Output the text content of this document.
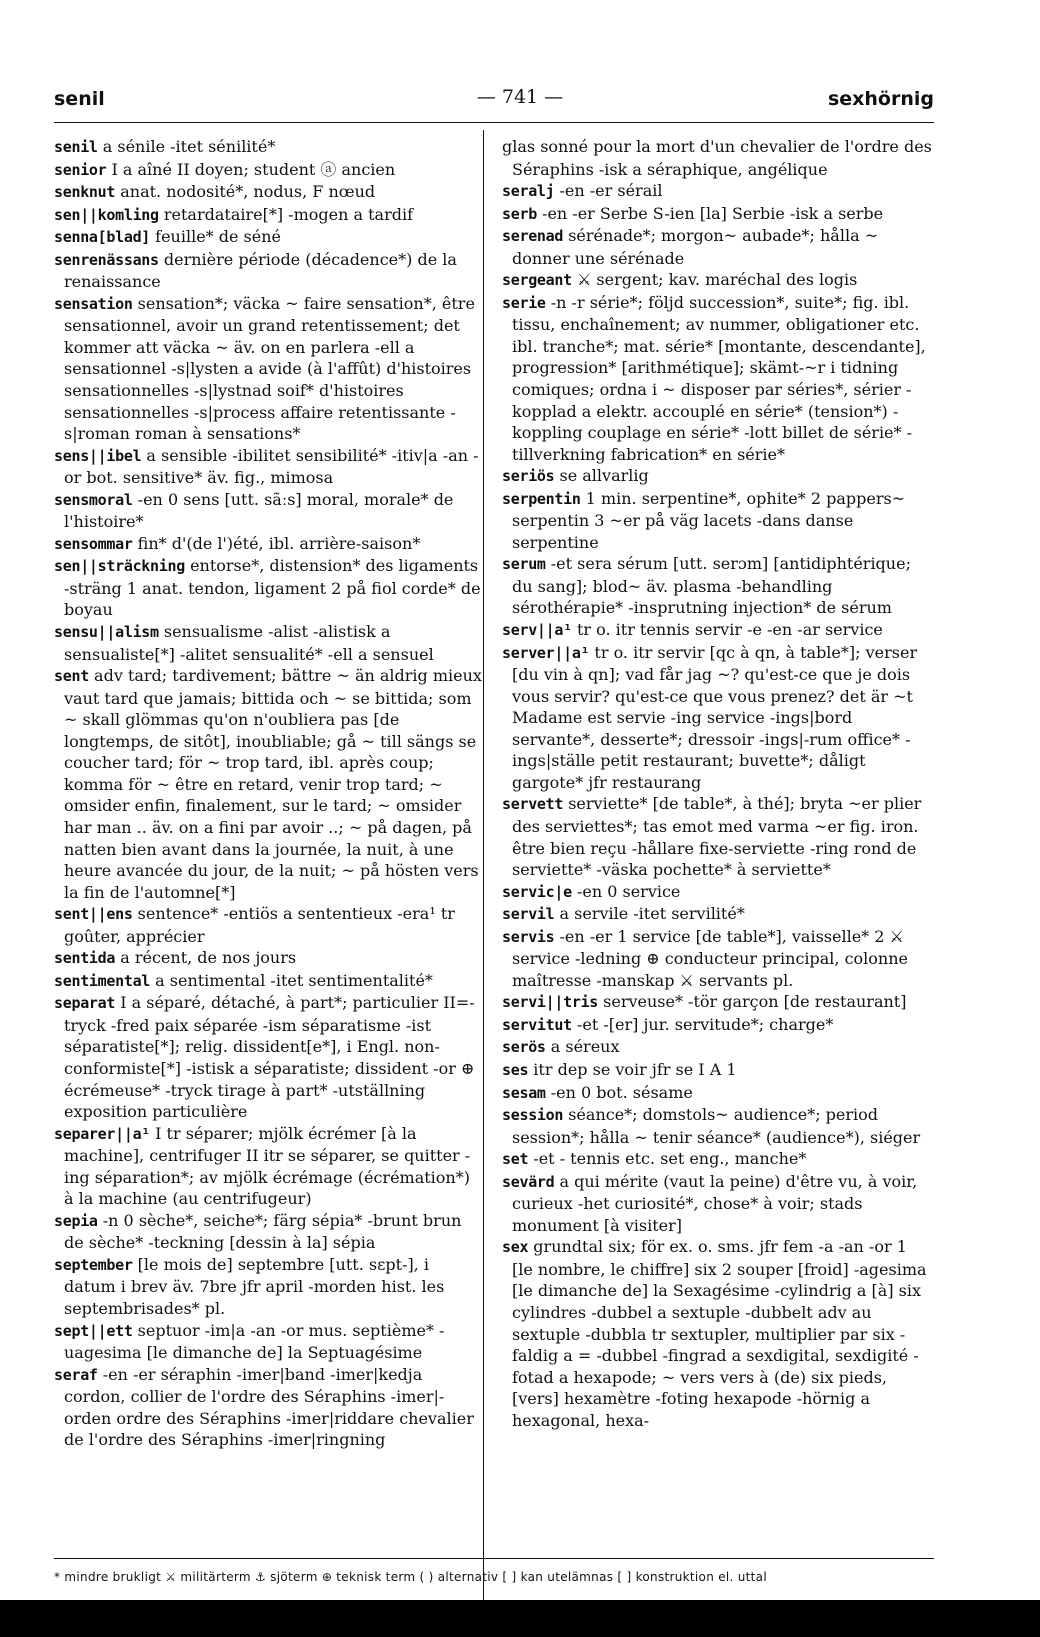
senil	— 741 —	sexhörnig

senil a sénile -itet sénilité*

senior I a aîné II doyen; student ⓐ ancien

senknut anat. nodosité*, nodus, F nœud

sen||komling retardataire[*] -mogen a tardif

senna[blad] feuille* de séné

senrenässans dernière période (décadence*) de la renaissance

sensation sensation*; väcka ~ faire sensation*, être sensationnel, avoir un grand retentissement; det kommer att väcka ~ äv. on en parlera -ell a sensationnel -s|lysten a avide (à l'affût) d'histoires sensationnelles -s|lystnad soif* d'histoires sensationnelles -s|process affaire retentissante -s|roman roman à sensations*

sens||ibel a sensible -ibilitet sensibilité* -itiv|a -an -or bot. sensitive* äv. fig., mimosa

sensmoral -en 0 sens [utt. sãːs] moral, morale* de l'histoire*

sensommar fin* d'(de l')été, ibl. arrière-saison*

sen||sträckning entorse*, distension* des ligaments -sträng 1 anat. tendon, ligament 2 på fiol corde* de boyau

sensu||alism sensualisme -alist -alistisk a sensualiste[*] -alitet sensualité* -ell a sensuel

sent adv tard; tardivement; bättre ~ än aldrig mieux vaut tard que jamais; bittida och ~ se bittida; som ~ skall glömmas qu'on n'oubliera pas [de longtemps, de sitôt], inoubliable; gå ~ till sängs se coucher tard; för ~ trop tard, ibl. après coup; komma för ~ être en retard, venir trop tard; ~ omsider enfin, finalement, sur le tard; ~ omsider har man .. äv. on a fini par avoir ..; ~ på dagen, på natten bien avant dans la journée, la nuit, à une heure avancée du jour, de la nuit; ~ på hösten vers la fin de l'automne[*]

sent||ens sentence* -entiös a sententieux -era¹ tr goûter, apprécier

sentida a récent, de nos jours

sentimental a sentimental -itet sentimentalité*

separat I a séparé, détaché, à part*; particulier II=-tryck -fred paix séparée -ism séparatisme -ist séparatiste[*]; relig. dissident[e*], i Engl. non-conformiste[*] -istisk a séparatiste; dissident -or ⊕ écrémeuse* -tryck tirage à part* -utställning exposition particulière

separer||a¹ I tr séparer; mjölk écrémer [à la machine], centrifuger II itr se séparer, se quitter -ing séparation*; av mjölk écrémage (écrémation*) à la machine (au centrifugeur)

sepia -n 0 sèche*, seiche*; färg sépia* -brunt brun de sèche* -teckning [dessin à la] sépia

september [le mois de] septembre [utt. sɛpt-], i datum i brev äv. 7bre jfr april -morden hist. les septembrisades* pl.

sept||ett septuor -im|a -an -or mus. septième* -uagesima [le dimanche de] la Septuagésime

seraf -en -er séraphin -imer|band -imer|kedja cordon, collier de l'ordre des Séraphins -imer|-orden ordre des Séraphins -imer|riddare chevalier de l'ordre des Séraphins -imer|ringning

glas sonné pour la mort d'un chevalier de l'ordre des Séraphins -isk a séraphique, angélique

seralj -en -er sérail

serb -en -er Serbe S-ien [la] Serbie -isk a serbe

serenad sérénade*; morgon~ aubade*; hålla ~ donner une sérénade

sergeant ⚔ sergent; kav. maréchal des logis

serie -n -r série*; följd succession*, suite*; fig. ibl. tissu, enchaînement; av nummer, obligationer etc. ibl. tranche*; mat. série* [montante, descendante], progression* [arithmétique]; skämt-~r i tidning comiques; ordna i ~ disposer par séries*, sérier -kopplad a elektr. accouplé en série* (tension*) -koppling couplage en série* -lott billet de série* -tillverkning fabrication* en série*

seriös se allvarlig

serpentin 1 min. serpentine*, ophite* 2 pappers~ serpentin 3 ~er på väg lacets -dans danse serpentine

serum -et sera sérum [utt. serɔm] [antidiphtérique; du sang]; blod~ äv. plasma -behandling sérothérapie* -insprutning injection* de sérum

serv||a¹ tr o. itr tennis servir -e -en -ar service

server||a¹ tr o. itr servir [qc à qn, à table*]; verser [du vin à qn]; vad får jag ~? qu'est-ce que je dois vous servir? qu'est-ce que vous prenez? det är ~t Madame est servie -ing service -ings|bord servante*, desserte*; dressoir -ings|-rum office* -ings|ställe petit restaurant; buvette*; dåligt gargote* jfr restaurang

servett serviette* [de table*, à thé]; bryta ~er plier des serviettes*; tas emot med varma ~er fig. iron. être bien reçu -hållare fixe-serviette -ring rond de serviette* -väska pochette* à serviette*

servic|e -en 0 service

servil a servile -itet servilité*

servis -en -er 1 service [de table*], vaisselle* 2 ⚔ service -ledning ⊕ conducteur principal, colonne maîtresse -manskap ⚔ servants pl.

servi||tris serveuse* -tör garçon [de restaurant]

servitut -et -[er] jur. servitude*; charge*

serös a séreux

ses itr dep se voir jfr se I A 1

sesam -en 0 bot. sésame

session séance*; domstols~ audience*; period session*; hålla ~ tenir séance* (audience*), siéger

set -et - tennis etc. set eng., manche*

sevärd a qui mérite (vaut la peine) d'être vu, à voir, curieux -het curiosité*, chose* à voir; stads monument [à visiter]

sex grundtal six; för ex. o. sms. jfr fem -a -an -or 1 [le nombre, le chiffre] six 2 souper [froid] -agesima [le dimanche de] la Sexagésime -cylindrig a [à] six cylindres -dubbel a sextuple -dubbelt adv au sextuple -dubbla tr sextupler, multiplier par six -faldig a = -dubbel -fingrad a sexdigital, sexdigité -fotad a hexapode; ~ vers vers à (de) six pieds, [vers] hexamètre -foting hexapode -hörnig a hexagonal, hexa-

* mindre brukligt ⚔ militärterm ⚓ sjöterm ⊕ teknisk term ( ) alternativ [ ] kan utelämnas [ ] konstruktion el. uttal
